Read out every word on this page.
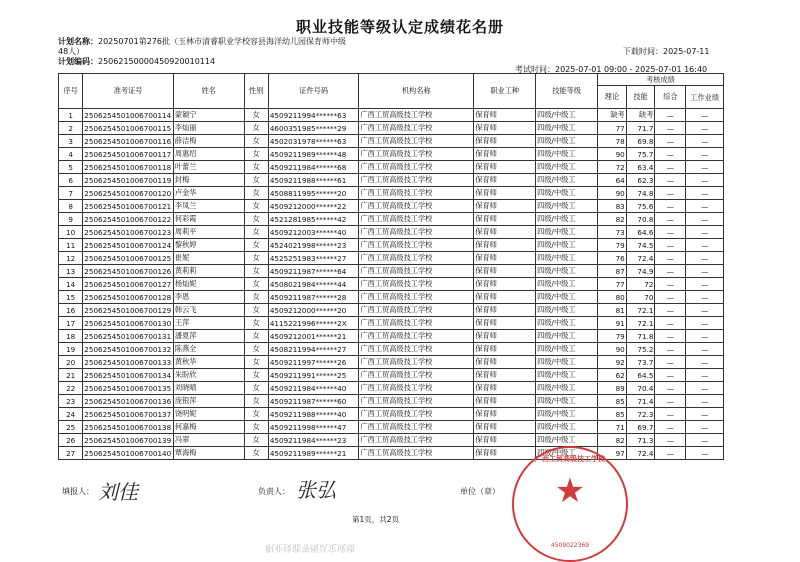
职业技能等级认定成绩花名册
计划名称：20250701第276批（玉林市清睿职业学校容县海洋幼儿园保育师中级
48人）	下载时间：2025-07-11
计划编码：250621500004509200101​14
考试时间：2025-07-01 09:00 - 2025-07-01 16:40
序号	准考证号	姓名	性别	证件号码	机构名称	职业工种	技能等级	考核成绩			
								理论	技能	综合	工作业绩
1	250625450100670011​4	蒙颖宁	女	4509211994******63	广西工贸高级技工学校	保育师	四级/中级工	缺考	缺考	—	—
2	2506254501006700115	李灿丽	女	4600351985******29	广西工贸高级技工学校	保育师	四级/中级工	77	71.7	—	—
3	2506254501006700116	薛洁梅	女	4502031978******63	广西工贸高级技工学校	保育师	四级/中级工	78	69.8	—	—
4	2506254501006700117	周惠绍	女	4509211989******48	广西工贸高级技工学校	保育师	四级/中级工	90	75.7	—	—
5	2506254501006700118	叶蕾兰	女	4509211984******68	广西工贸高级技工学校	保育师	四级/中级工	72	63.4	—	—
6	2506254501006700119	封梅	女	4509211988******61	广西工贸高级技工学校	保育师	四级/中级工	64	62.3	—	—
7	2506254501006700120	卢金华	女	4508811995******20	广西工贸高级技工学校	保育师	四级/中级工	90	74.8	—	—
8	2506254501006700121	李凤兰	女	4509212000******22	广西工贸高级技工学校	保育师	四级/中级工	83	75.6	—	—
9	2506254501006700122	何彩霞	女	4521281985******42	广西工贸高级技工学校	保育师	四级/中级工	82	70.8	—	—
10	2506254501006700123	周莉平	女	4509212003******40	广西工贸高级技工学校	保育师	四级/中级工	73	64.6	—	—
11	2506254501006700124	黎秋婷	女	4524021998******23	广西工贸高级技工学校	保育师	四级/中级工	79	74.5	—	—
12	2506254501006700125	崔妮	女	4525251983******27	广西工贸高级技工学校	保育师	四级/中级工	76	72.4	—	—
13	2506254501006700126	黄莉莉	女	4509211987******64	广西工贸高级技工学校	保育师	四级/中级工	87	74.9	—	—
14	2506254501006700127	杨灿妮	女	4508021984******44	广西工贸高级技工学校	保育师	四级/中级工	77	72	—	—
15	2506254501006700128	李恩	女	4509211987******28	广西工贸高级技工学校	保育师	四级/中级工	80	70	—	—
16	2506254501006700129	韩云飞	女	4509212000******20	广西工贸高级技工学校	保育师	四级/中级工	81	72.1	—	—
17	2506254501006700130	王萍	女	4115221996******2X	广西工贸高级技工学校	保育师	四级/中级工	91	72.1	—	—
18	2506254501006700131	潘夏萍	女	4509212001******21	广西工贸高级技工学校	保育师	四级/中级工	79	71.8	—	—
19	2506254501006700132	陈燕全	女	4508211994******27	广西工贸高级技工学校	保育师	四级/中级工	90	75.2	—	—
20	2506254501006700133	黄秋华	女	4509211997******26	广西工贸高级技工学校	保育师	四级/中级工	92	73.7	—	—
21	2506254501006700134	朱盼欣	女	4509211991******25	广西工贸高级技工学校	保育师	四级/中级工	62	64.5	—	—
22	2506254501006700135	刘晓晴	女	4509211984******40	广西工贸高级技工学校	保育师	四级/中级工	89	70.4	—	—
23	2506254501006700136	庞银萍	女	4509211987******60	广西工贸高级技工学校	保育师	四级/中级工	85	71.4	—	—
24	2506254501006700137	饶明妮	女	4509211988******40	广西工贸高级技工学校	保育师	四级/中级工	85	72.3	—	—
25	2506254501006700138	何嘉梅	女	4509211998******47	广西工贸高级技工学校	保育师	四级/中级工	71	69.7	—	—
26	2506254501006700139	冯翠	女	4509211984******23	广西工贸高级技工学校	保育师	四级/中级工	82	71.3	—	—
27	2506254501006700140	覃海梅	女	4509211989******21	广西工贸高级技工学校	保育师	四级/中级工	97	72.4	—	—
填报人： 刘佳	负责人： 张弘	单位（章）
第1页，共2页
广西工贸高级技工学校
★
4509022369
职业技能等级认定成绩
